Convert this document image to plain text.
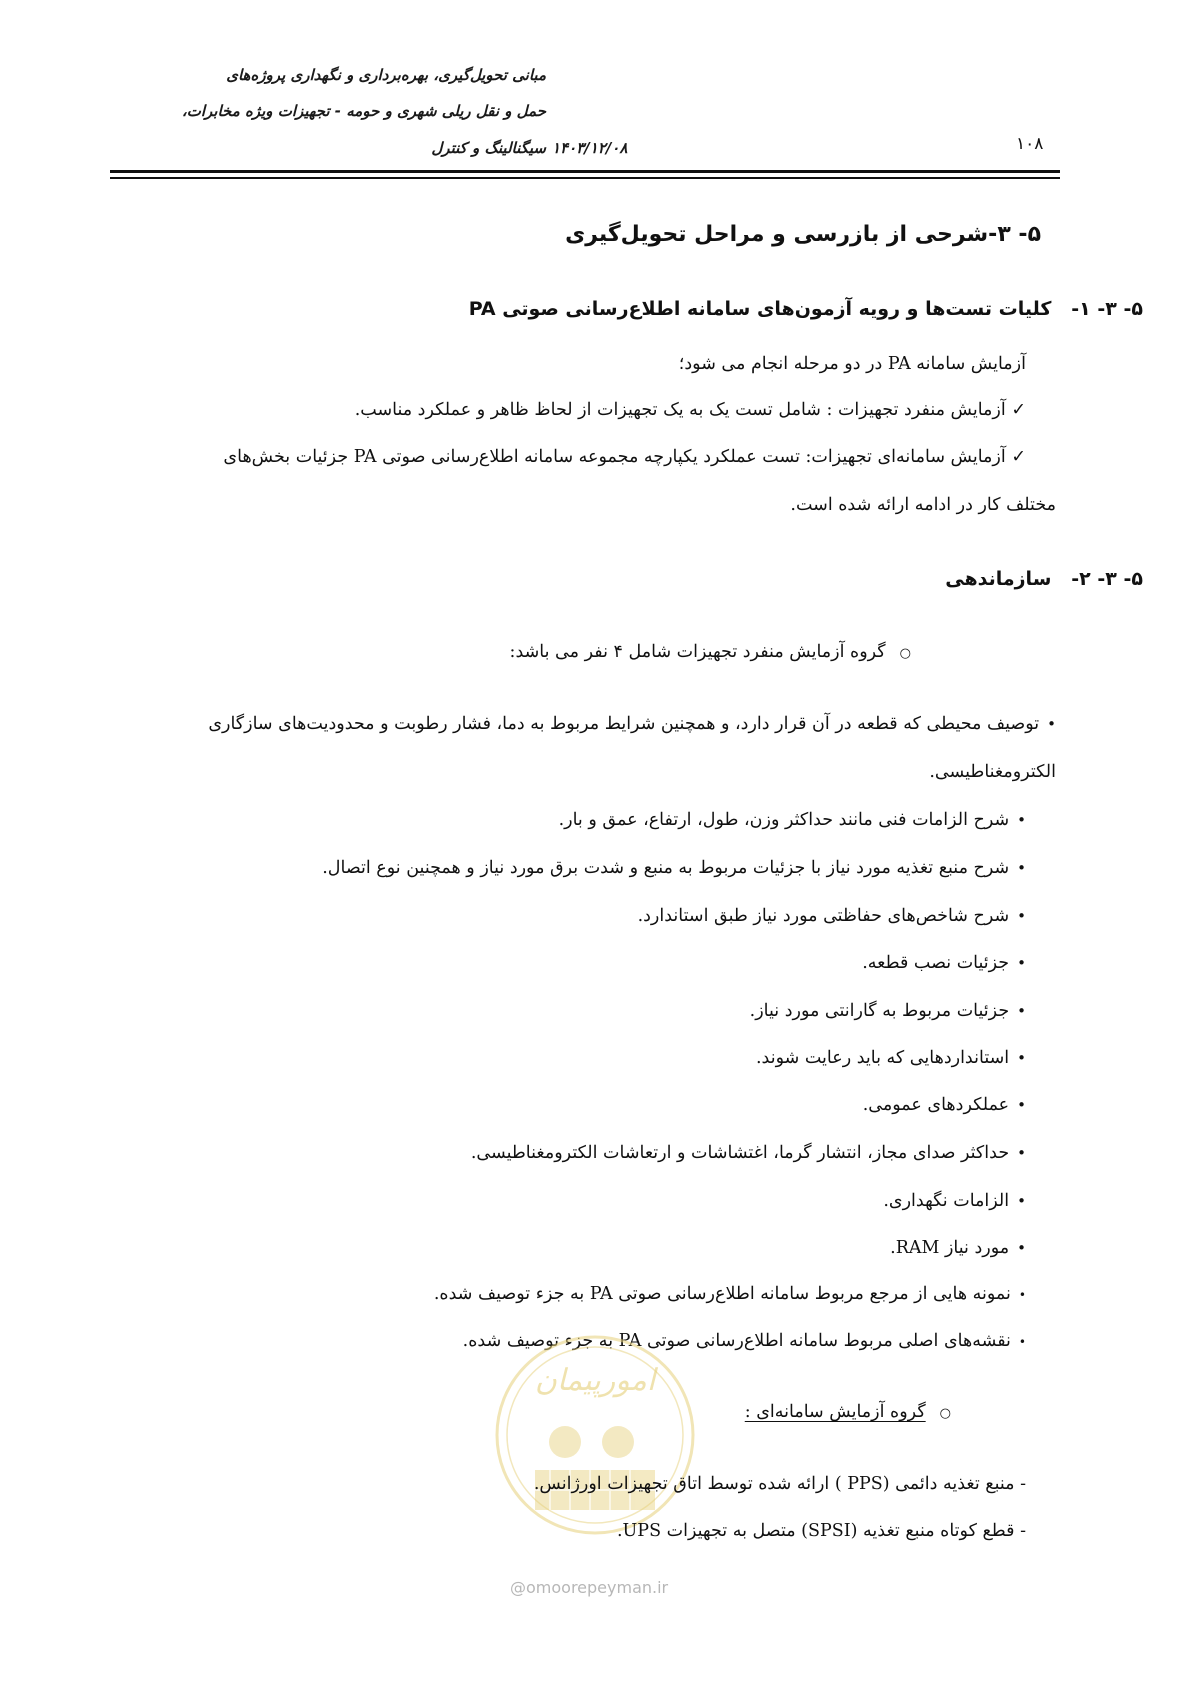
مبانی تحویل‌گیری، بهره‌برداری و نگهداری پروژه‌های
حمل و نقل ریلی شهری و حومه - تجهیزات ویژه مخابرات،
سیگنالینگ و کنترل ۱۴۰۳/۱۲/۰۸	۱۰۸
۵- ۳-شرحی از بازرسی و مراحل تحویل‌گیری
۵- ۳- ۱-   کلیات تست‌ها و رویه آزمون‌های سامانه اطلاع‌رسانی صوتی PA
آزمایش سامانه PA در دو مرحله انجام می شود؛
✓ آزمایش منفرد تجهیزات : شامل تست یک به یک تجهیزات از لحاظ ظاهر و عملکرد مناسب.
✓ آزمایش سامانه‌ای تجهیزات: تست عملکرد یکپارچه مجموعه سامانه اطلاع‌رسانی صوتی PA جزئیات بخش‌های
مختلف کار در ادامه ارائه شده است.
۵- ۳- ۲-   سازماندهی
○گروه آزمایش منفرد تجهیزات شامل ۴ نفر می باشد:
•توصیف محیطی که قطعه در آن قرار دارد، و همچنین شرایط مربوط به دما، فشار رطوبت و محدودیت‌های سازگاری
الکترومغناطیسی.
•شرح الزامات فنی مانند حداکثر وزن، طول، ارتفاع، عمق و بار.
•شرح منبع تغذیه مورد نیاز با جزئیات مربوط به منبع و شدت برق مورد نیاز و همچنین نوع اتصال.
•شرح شاخص‌های حفاظتی مورد نیاز طبق استاندارد.
•جزئیات نصب قطعه.
•جزئیات مربوط به گارانتی مورد نیاز.
•استانداردهایی که باید رعایت شوند.
•عملکردهای عمومی.
•حداکثر صدای مجاز، انتشار گرما، اغتشاشات و ارتعاشات الکترومغناطیسی.
•الزامات نگهداری.
•مورد نیاز RAM.
•نمونه هایی از مرجع مربوط سامانه اطلاع‌رسانی صوتی PA به جزء توصیف شده.
•نقشه‌های اصلی مربوط سامانه اطلاع‌رسانی صوتی PA به جزء توصیف شده.
امورپیمان
○گروه آزمایش سامانه‌ای :
- منبع تغذیه دائمی (PPS ) ارائه شده توسط اتاق تجهیزات اورژانس.
- قطع کوتاه منبع تغذیه (SPSI) متصل به تجهیزات UPS.
@omoorepeyman.ir
